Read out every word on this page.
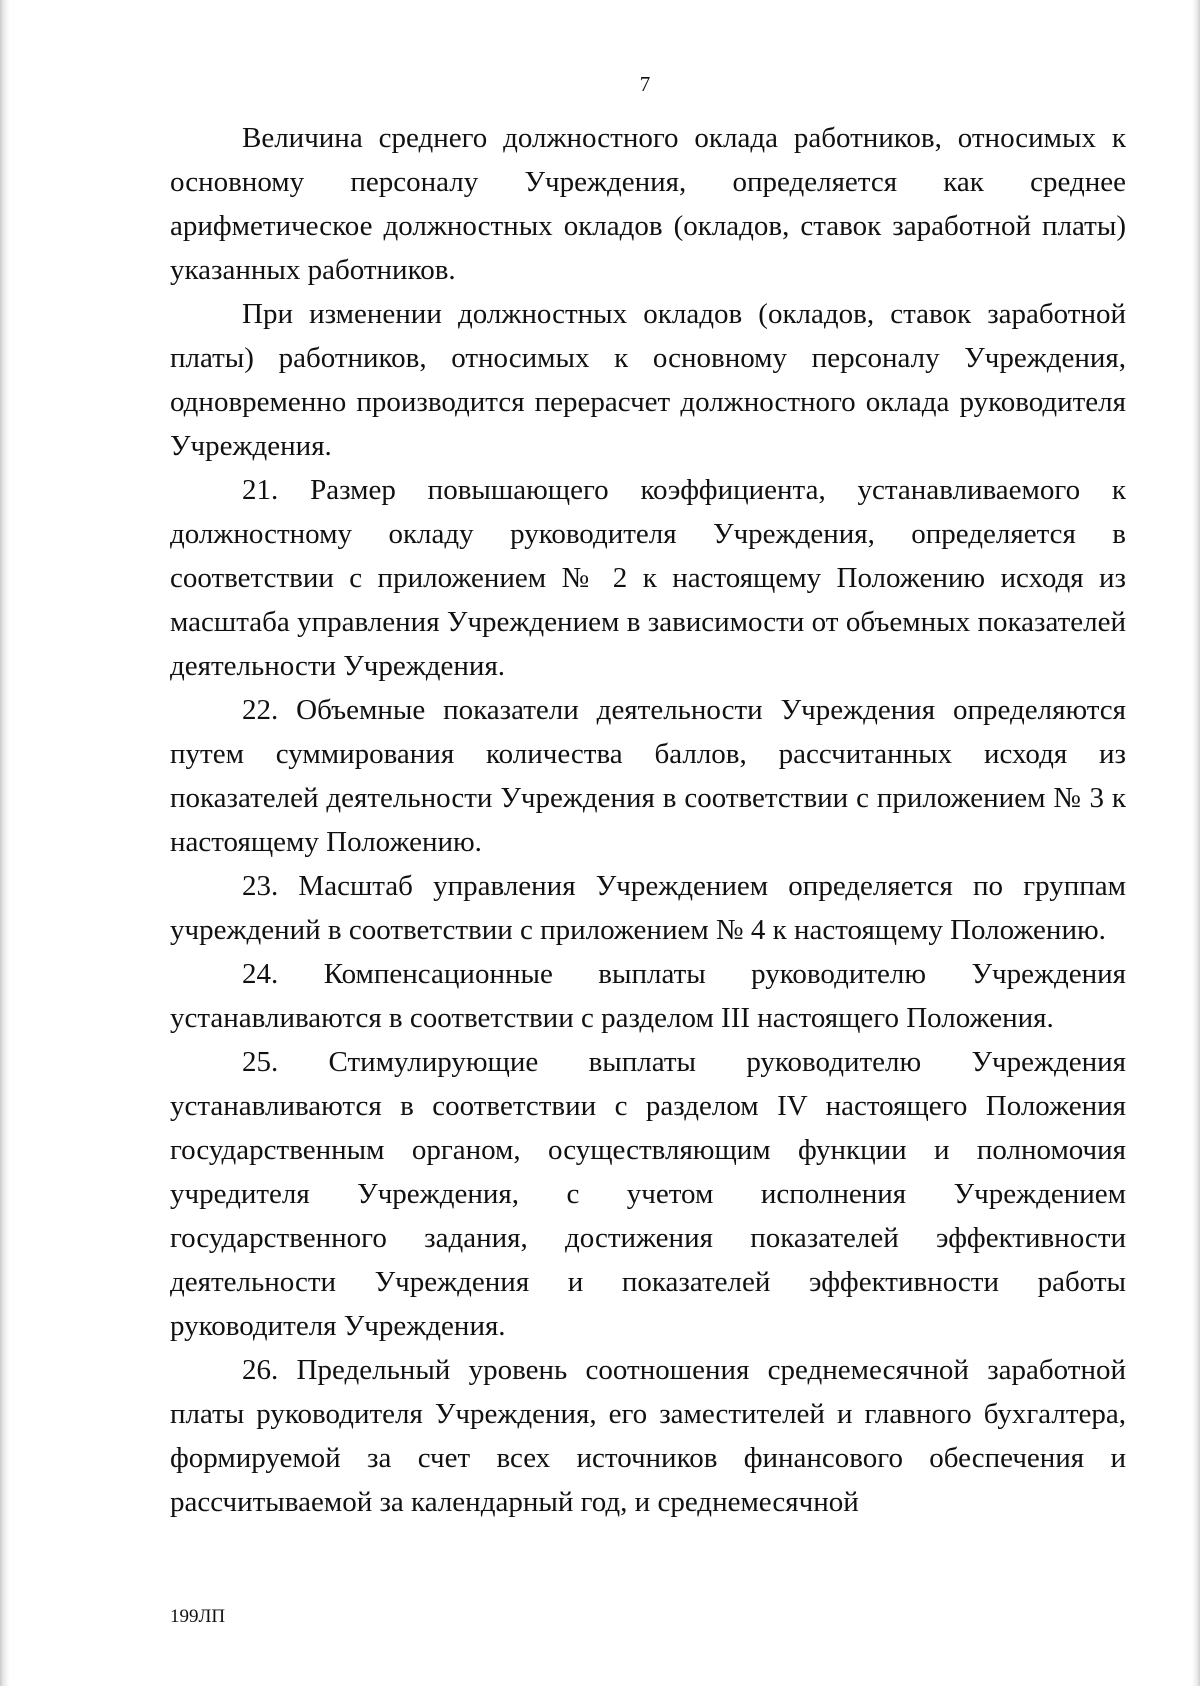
7

Величина среднего должностного оклада работников, относимых к основному персоналу Учреждения, определяется как среднее арифметическое должностных окладов (окладов, ставок заработной платы) указанных работников.

При изменении должностных окладов (окладов, ставок заработной платы) работников, относимых к основному персоналу Учреждения, одновременно производится перерасчет должностного оклада руководителя Учреждения.

21. Размер повышающего коэффициента, устанавливаемого к должностному окладу руководителя Учреждения, определяется в соответствии с приложением № 2 к настоящему Положению исходя из масштаба управления Учреждением в зависимости от объемных показателей деятельности Учреждения.

22. Объемные показатели деятельности Учреждения определяются путем суммирования количества баллов, рассчитанных исходя из показателей деятельности Учреждения в соответствии с приложением № 3 к настоящему Положению.

23. Масштаб управления Учреждением определяется по группам учреждений в соответствии с приложением № 4 к настоящему Положению.

24. Компенсационные выплаты руководителю Учреждения устанавливаются в соответствии с разделом III настоящего Положения.

25. Стимулирующие выплаты руководителю Учреждения устанавливаются в соответствии с разделом IV настоящего Положения государственным органом, осуществляющим функции и полномочия учредителя Учреждения, с учетом исполнения Учреждением государственного задания, достижения показателей эффективности деятельности Учреждения и показателей эффективности работы руководителя Учреждения.

26. Предельный уровень соотношения среднемесячной заработной платы руководителя Учреждения, его заместителей и главного бухгалтера, формируемой за счет всех источников финансового обеспечения и рассчитываемой за календарный год, и среднемесячной

199ЛП
